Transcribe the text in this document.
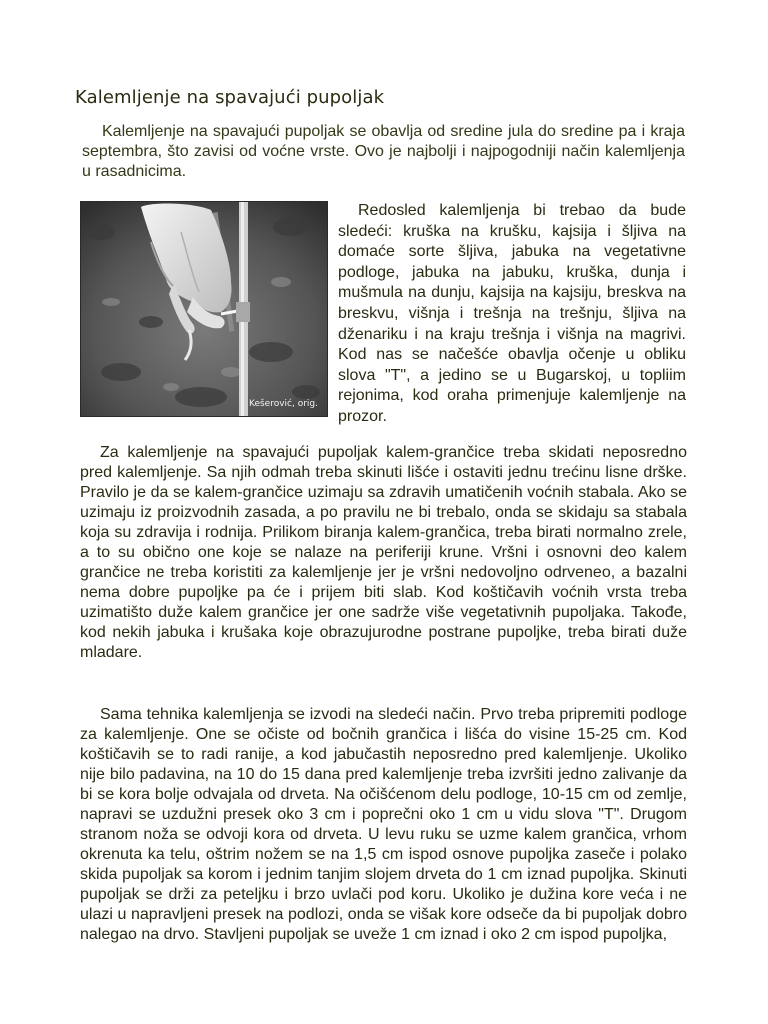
Kalemljenje na spavajući pupoljak

Kalemljenje na spavajući pupoljak se obavlja od sredine jula do sredine pa i kraja septembra, što zavisi od voćne vrste. Ovo je najbolji i najpogodniji način kalemljenja u rasadnicima.

Kešerović, orig.

Redosled kalemljenja bi trebao da bude sledeći: kruška na krušku, kajsija i šljiva na domaće sorte šljiva, jabuka na vegetativne podloge, jabuka na jabuku, kruška, dunja i mušmula na dunju, kajsija na kajsiju, breskva na breskvu, višnja i trešnja na trešnju, šljiva na dženariku i na kraju trešnja i višnja na magrivi. Kod nas se načešće obavlja očenje u obliku slova "T", a jedino se u Bugarskoj, u topliim rejonima, kod oraha primenjuje kalemljenje na prozor.

Za kalemljenje na spavajući pupoljak kalem-grančice treba skidati neposredno pred kalemljenje. Sa njih odmah treba skinuti lišće i ostaviti jednu trećinu lisne drške. Pravilo je da se kalem-grančice uzimaju sa zdravih umatičenih voćnih stabala. Ako se uzimaju iz proizvodnih zasada, a po pravilu ne bi trebalo, onda se skidaju sa stabala koja su zdravija i rodnija. Prilikom biranja kalem-grančica, treba birati normalno zrele, a to su obično one koje se nalaze na periferiji krune. Vršni i osnovni deo kalem grančice ne treba koristiti za kalemljenje jer je vršni nedovoljno odrveneo, a bazalni nema dobre pupoljke pa će i prijem biti slab. Kod koštičavih voćnih vrsta treba uzimatišto duže kalem grančice jer one sadrže više vegetativnih pupoljaka. Takođe, kod nekih jabuka i krušaka koje obrazujurodne postrane pupoljke, treba birati duže mladare.

Sama tehnika kalemljenja se izvodi na sledeći način. Prvo treba pripremiti podloge za kalemljenje. One se očiste od bočnih grančica i lišća do visine 15-25 cm. Kod koštičavih se to radi ranije, a kod jabučastih neposredno pred kalemljenje. Ukoliko nije bilo padavina, na 10 do 15 dana pred kalemljenje treba izvršiti jedno zalivanje da bi se kora bolje odvajala od drveta. Na očišćenom delu podloge, 10-15 cm od zemlje, napravi se uzdužni presek oko 3 cm i poprečni oko 1 cm u vidu slova "T". Drugom stranom noža se odvoji kora od drveta. U levu ruku se uzme kalem grančica, vrhom okrenuta ka telu, oštrim nožem se na 1,5 cm ispod osnove pupoljka zaseče i polako skida pupoljak sa korom i jednim tanjim slojem drveta do 1 cm iznad pupoljka. Skinuti pupoljak se drži za peteljku i brzo uvlači pod koru. Ukoliko je dužina kore veća i ne ulazi u napravljeni presek na podlozi, onda se višak kore odseče da bi pupoljak dobro nalegao na drvo. Stavljeni pupoljak se uveže 1 cm iznad i oko 2 cm ispod pupoljka,
